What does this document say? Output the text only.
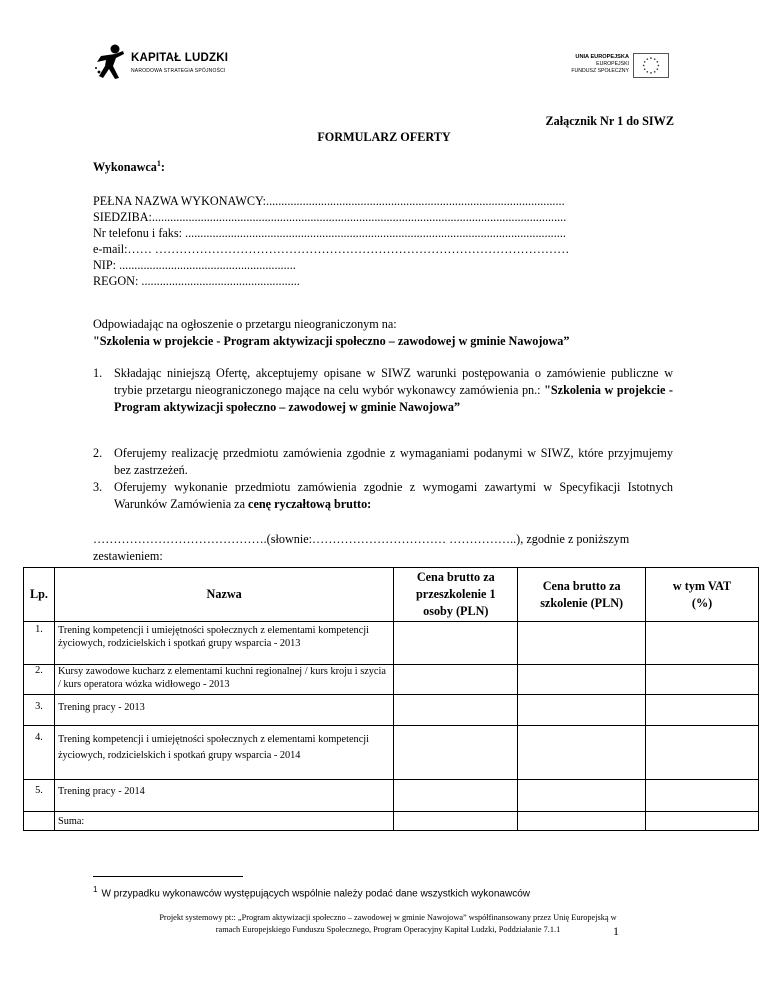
KAPITAŁ LUDZKI
NARODOWA STRATEGIA SPÓJNOŚCI
UNIA EUROPEJSKA
EUROPEJSKI
FUNDUSZ SPOŁECZNY
Załącznik Nr 1 do SIWZ
FORMULARZ OFERTY
Wykonawca$^1$:
PEŁNA NAZWA WYKONAWCY:..................................................................................................
SIEDZIBA:........................................................................................................................................
Nr telefonu i faks: .............................................................................................................................
e-mail:…… …………………………………………………………………………………………
NIP: ..........................................................
REGON: ....................................................
Odpowiadając na ogłoszenie o przetargu nieograniczonym na:
"Szkolenia w projekcie - Program aktywizacji społeczno – zawodowej w gminie Nawojowa”
1. Składając niniejszą Ofertę, akceptujemy opisane w SIWZ warunki postępowania o zamówienie publiczne w trybie przetargu nieograniczonego mające na celu wybór wykonawcy zamówienia pn.: "Szkolenia w projekcie - Program aktywizacji społeczno – zawodowej w gminie Nawojowa”
2. Oferujemy realizację przedmiotu zamówienia zgodnie z wymaganiami podanymi w SIWZ, które przyjmujemy bez zastrzeżeń.
3. Oferujemy wykonanie przedmiotu zamówienia zgodnie z wymogami zawartymi w Specyfikacji Istotnych Warunków Zamówienia za cenę ryczałtową brutto:
…………………………………….(słownie:…………………………… ……………..), zgodnie z poniższym zestawieniem:
Lp.	Nazwa	Cena brutto za przeszkolenie 1 osoby (PLN)	Cena brutto za szkolenie (PLN)	w tym VAT (%)
1.	Trening kompetencji i umiejętności społecznych z elementami kompetencji życiowych, rodzicielskich i spotkań grupy wsparcia - 2013			
2.	Kursy zawodowe kucharz z elementami kuchni regionalnej / kurs kroju i szycia / kurs operatora wózka widłowego - 2013			
3.	Trening pracy - 2013			
4.	Trening kompetencji i umiejętności społecznych z elementami kompetencji życiowych, rodzicielskich i spotkań grupy wsparcia - 2014			
5.	Trening pracy - 2014			
	Suma:			
$^1$ W przypadku wykonawców występujących wspólnie należy podać dane wszystkich wykonawców
Projekt systemowy pt:: „Program aktywizacji społeczno – zawodowej w gminie Nawojowa” współfinansowany przez Unię Europejską w
ramach Europejskiego Funduszu Społecznego, Program Operacyjny Kapitał Ludzki, Poddziałanie 7.1.1	1
